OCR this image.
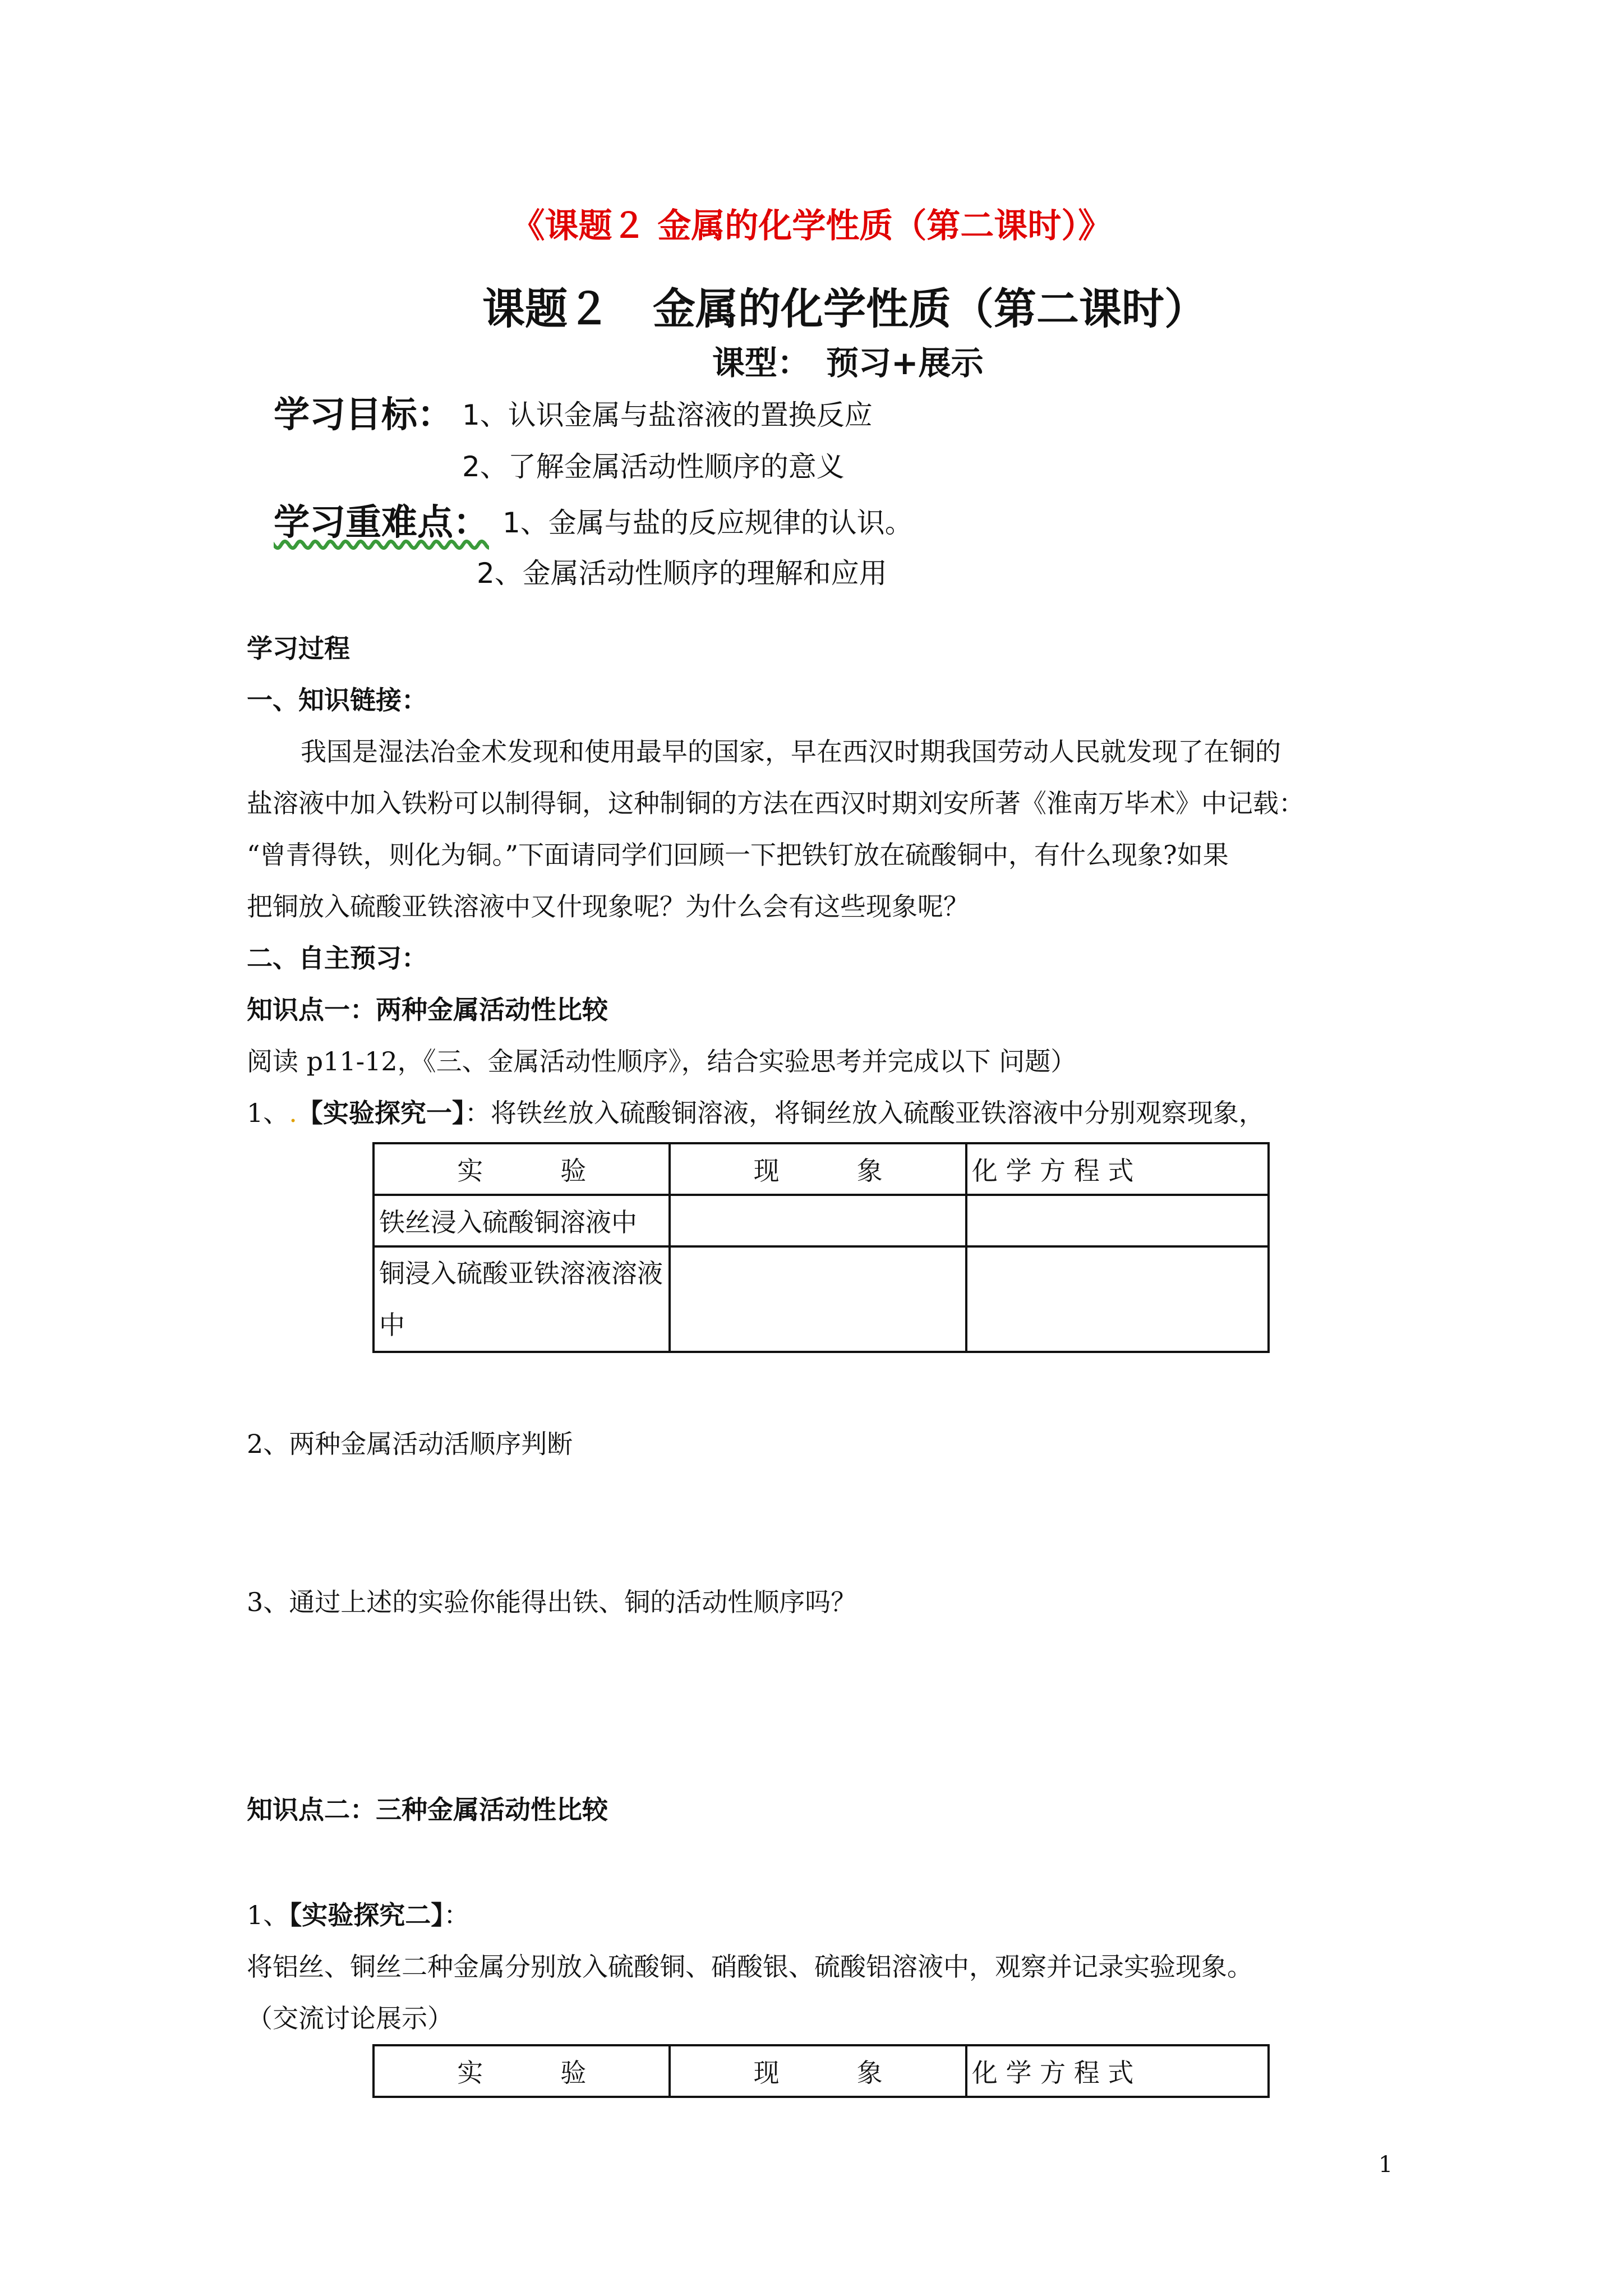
《课题２ 金属的化学性质（第二课时）》
课题２　金属的化学性质（第二课时）
课型：　预习+展示
学习目标： 1、认识金属与盐溶液的置换反应
2、了解金属活动性顺序的意义
学习重难点： 1、金属与盐的反应规律的认识。
2、金属活动性顺序的理解和应用
学习过程
一、知识链接：
我国是湿法冶金术发现和使用最早的国家，早在西汉时期我国劳动人民就发现了在铜的
盐溶液中加入铁粉可以制得铜，这种制铜的方法在西汉时期刘安所著《淮南万毕术》中记载：
“曾青得铁，则化为铜。”下面请同学们回顾一下把铁钉放在硫酸铜中，有什么现象?如果
把铜放入硫酸亚铁溶液中又什现象呢？为什么会有这些现象呢？
二、自主预习：
知识点一：两种金属活动性比较
阅读 p11-12，《三、金属活动性顺序》，结合实验思考并完成以下 问题）
1、.【实验探究一】：将铁丝放入硫酸铜溶液，将铜丝放入硫酸亚铁溶液中分别观察现象，
实　　　验	现　　　象	化 学 方 程 式
铁丝浸入硫酸铜溶液中		
铜浸入硫酸亚铁溶液溶液中		
2、两种金属活动活顺序判断
3、通过上述的实验你能得出铁、铜的活动性顺序吗？
知识点二：三种金属活动性比较
1、【实验探究二】：
将铝丝、铜丝二种金属分别放入硫酸铜、硝酸银、硫酸铝溶液中，观察并记录实验现象。
（交流讨论展示）
实　　　验	现　　　象	化 学 方 程 式
1
